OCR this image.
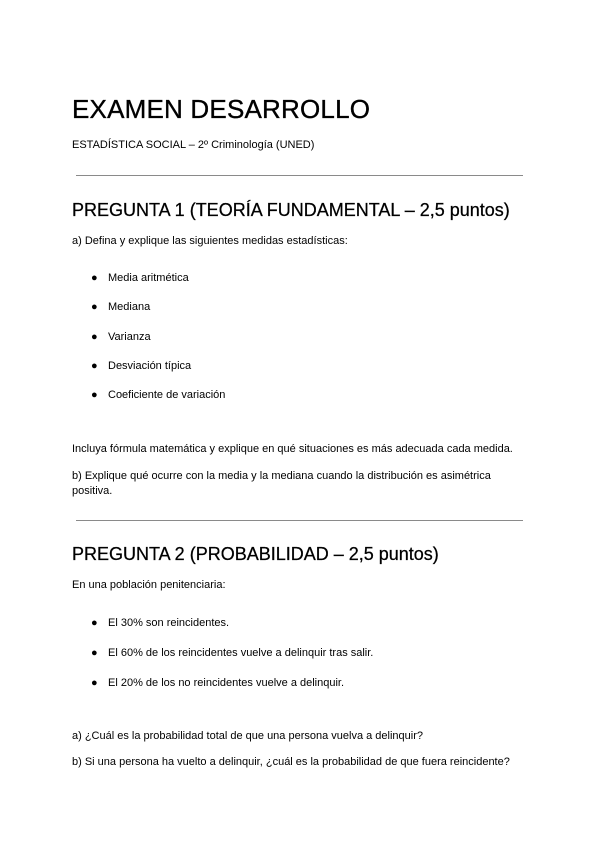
EXAMEN DESARROLLO
ESTADÍSTICA SOCIAL – 2º Criminología (UNED)
PREGUNTA 1 (TEORÍA FUNDAMENTAL – 2,5 puntos)
a) Defina y explique las siguientes medidas estadísticas:
● Media aritmética
● Mediana
● Varianza
● Desviación típica
● Coeficiente de variación
Incluya fórmula matemática y explique en qué situaciones es más adecuada cada medida.
b) Explique qué ocurre con la media y la mediana cuando la distribución es asimétrica positiva.
PREGUNTA 2 (PROBABILIDAD – 2,5 puntos)
En una población penitenciaria:
● El 30% son reincidentes.
● El 60% de los reincidentes vuelve a delinquir tras salir.
● El 20% de los no reincidentes vuelve a delinquir.
a) ¿Cuál es la probabilidad total de que una persona vuelva a delinquir?
b) Si una persona ha vuelto a delinquir, ¿cuál es la probabilidad de que fuera reincidente?
